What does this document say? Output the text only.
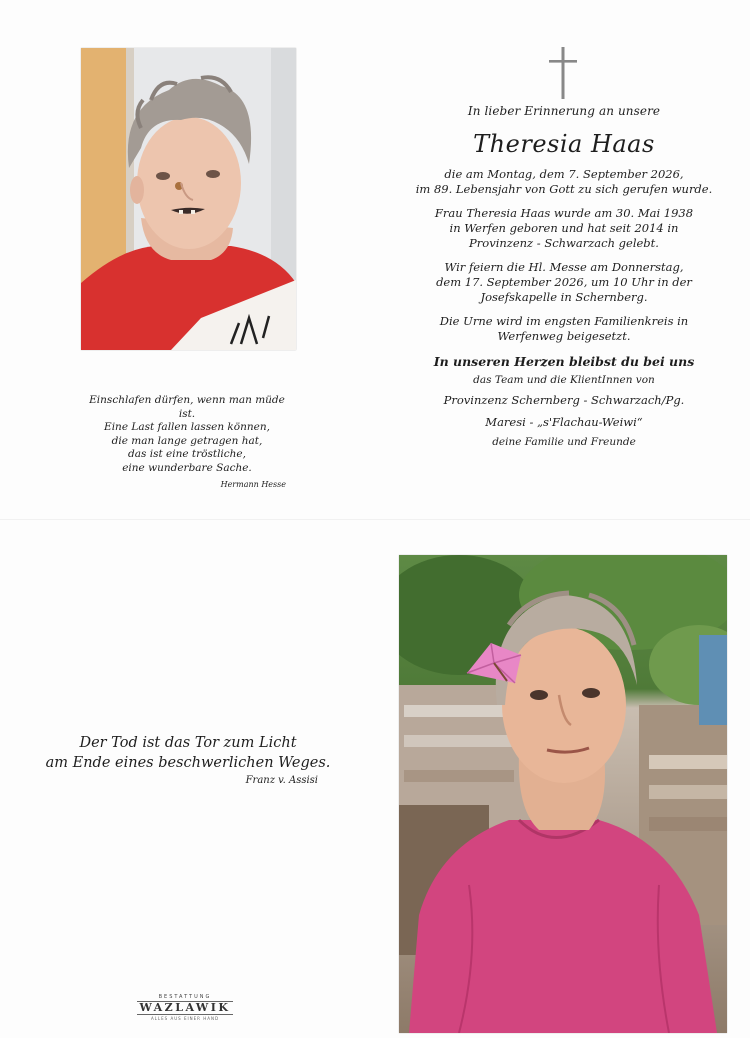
In lieber Erinnerung an unsere
Theresia Haas
die am Montag, dem 7. September 2026,
im 89. Lebensjahr von Gott zu sich gerufen wurde.
Frau Theresia Haas wurde am 30. Mai 1938
in Werfen geboren und hat seit 2014 in
Provinzenz - Schwarzach gelebt.
Wir feiern die Hl. Messe am Donnerstag,
dem 17. September 2026, um 10 Uhr in der
Josefskapelle in Schernberg.
Die Urne wird im engsten Familienkreis in
Werfenweg beigesetzt.
In unseren Herzen bleibst du bei uns
das Team und die KlientInnen von
Provinzenz Schernberg - Schwarzach/Pg.
Maresi - „s'Flachau-Weiwi“
deine Familie und Freunde
Einschlafen dürfen, wenn man müde ist.
Eine Last fallen lassen können,
die man lange getragen hat,
das ist eine tröstliche,
eine wunderbare Sache.
Hermann Hesse
Der Tod ist das Tor zum Licht
am Ende eines beschwerlichen Weges.
Franz v. Assisi
BESTATTUNG
WAZLAWIK
ALLES AUS EINER HAND
